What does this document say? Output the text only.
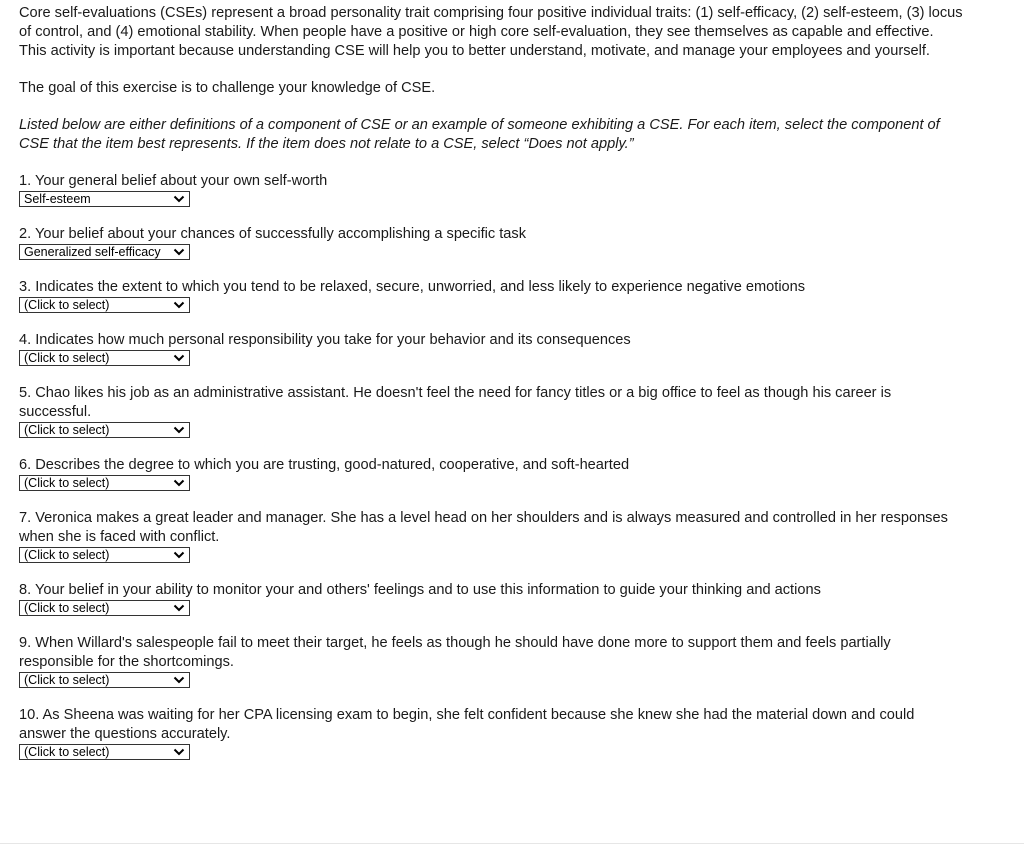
Core self-evaluations (CSEs) represent a broad personality trait comprising four positive individual traits: (1) self-efficacy, (2) self-esteem, (3) locus of control, and (4) emotional stability. When people have a positive or high core self-evaluation, they see themselves as capable and effective. This activity is important because understanding CSE will help you to better understand, motivate, and manage your employees and yourself.

The goal of this exercise is to challenge your knowledge of CSE.

Listed below are either definitions of a component of CSE or an example of someone exhibiting a CSE. For each item, select the component of CSE that the item best represents. If the item does not relate to a CSE, select “Does not apply.”

1. Your general belief about your own self-worth

Self-esteem

2. Your belief about your chances of successfully accomplishing a specific task

Generalized self-efficacy

3. Indicates the extent to which you tend to be relaxed, secure, unworried, and less likely to experience negative emotions

(Click to select)

4. Indicates how much personal responsibility you take for your behavior and its consequences

(Click to select)

5. Chao likes his job as an administrative assistant. He doesn't feel the need for fancy titles or a big office to feel as though his career is successful.

(Click to select)

6. Describes the degree to which you are trusting, good-natured, cooperative, and soft-hearted

(Click to select)

7. Veronica makes a great leader and manager. She has a level head on her shoulders and is always measured and controlled in her responses when she is faced with conflict.

(Click to select)

8. Your belief in your ability to monitor your and others' feelings and to use this information to guide your thinking and actions

(Click to select)

9. When Willard's salespeople fail to meet their target, he feels as though he should have done more to support them and feels partially responsible for the shortcomings.

(Click to select)

10. As Sheena was waiting for her CPA licensing exam to begin, she felt confident because she knew she had the material down and could answer the questions accurately.

(Click to select)
